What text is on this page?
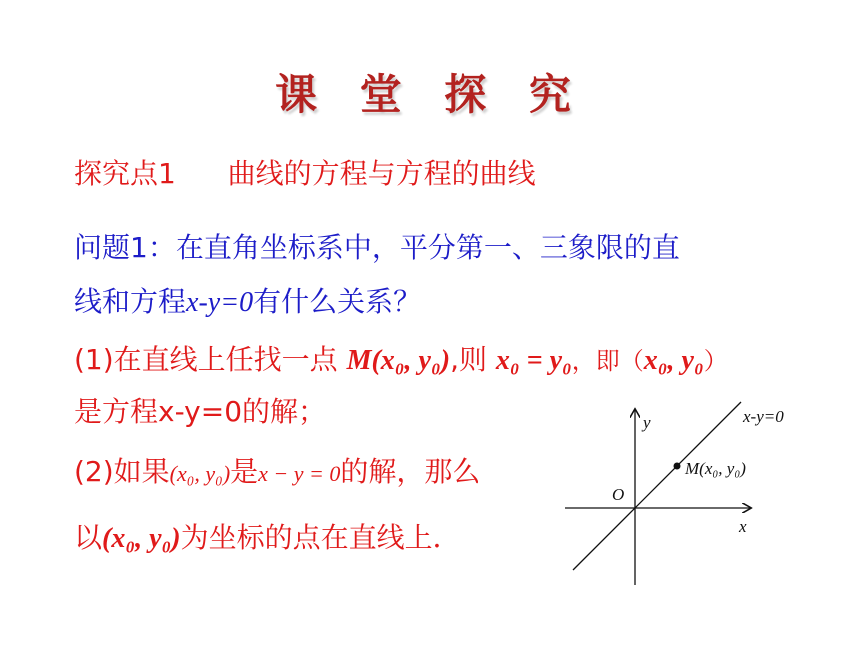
课 堂 探 究
探究点1 曲线的方程与方程的曲线
问题1：在直角坐标系中，平分第一、三象限的直
线和方程x-y=0有什么关系？
(1)在直线上任找一点 M(x₀, y₀),则 x₀ = y₀，即（x₀, y₀）
是方程x-y=0的解；
(2)如果(x₀, y₀)是x − y = 0的解，那么
以(x₀, y₀)为坐标的点在直线上．
x-y=0
y
x
O
M(x₀, y₀)
